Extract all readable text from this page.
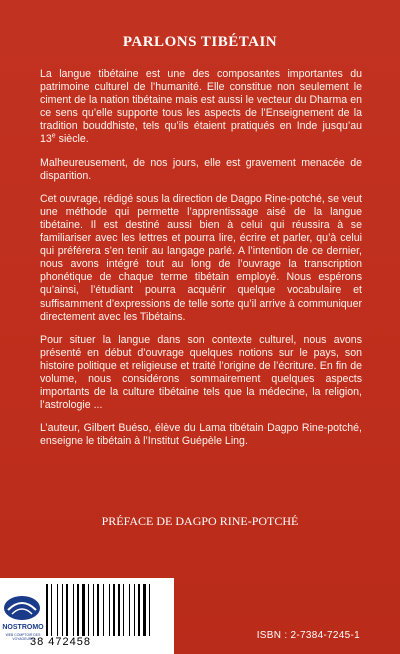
PARLONS TIBÉTAIN

La langue tibétaine est une des composantes importantes du patrimoine culturel de l’humanité. Elle constitue non seulement le ciment de la nation tibétaine mais est aussi le vecteur du Dharma en ce sens qu’elle supporte tous les aspects de l’Enseignement de la tradition bouddhiste, tels qu’ils étaient pratiqués en Inde jusqu’au 13e siècle.

Malheureusement, de nos jours, elle est gravement menacée de disparition.

Cet ouvrage, rédigé sous la direction de Dagpo Rine-potché, se veut une méthode qui permette l’apprentissage aisé de la langue tibétaine. Il est destiné aussi bien à celui qui réussira à se familiariser avec les lettres et pourra lire, écrire et parler, qu’à celui qui préférera s’en tenir au langage parlé. A l’intention de ce dernier, nous avons intégré tout au long de l’ouvrage la transcription phonétique de chaque terme tibétain employé. Nous espérons qu’ainsi, l’étudiant pourra acquérir quelque vocabulaire et suffisamment d’expressions de telle sorte qu’il arrive à communiquer directement avec les Tibétains.

Pour situer la langue dans son contexte culturel, nous avons présenté en début d’ouvrage quelques notions sur le pays, son histoire politique et religieuse et traité l’origine de l’écriture. En fin de volume, nous considérons sommairement quelques aspects importants de la culture tibétaine tels que la médecine, la religion, l’astrologie ...

L’auteur, Gilbert Buéso, élève du Lama tibétain Dagpo Rine-potché, enseigne le tibétain à l’Institut Guépèle Ling.

PRÉFACE DE DAGPO RINE-POTCHÉ
38 472458
NOSTROMO
WEB COMPTOIR DES VOYAGEURS	ISBN : 2-7384-7245-1
